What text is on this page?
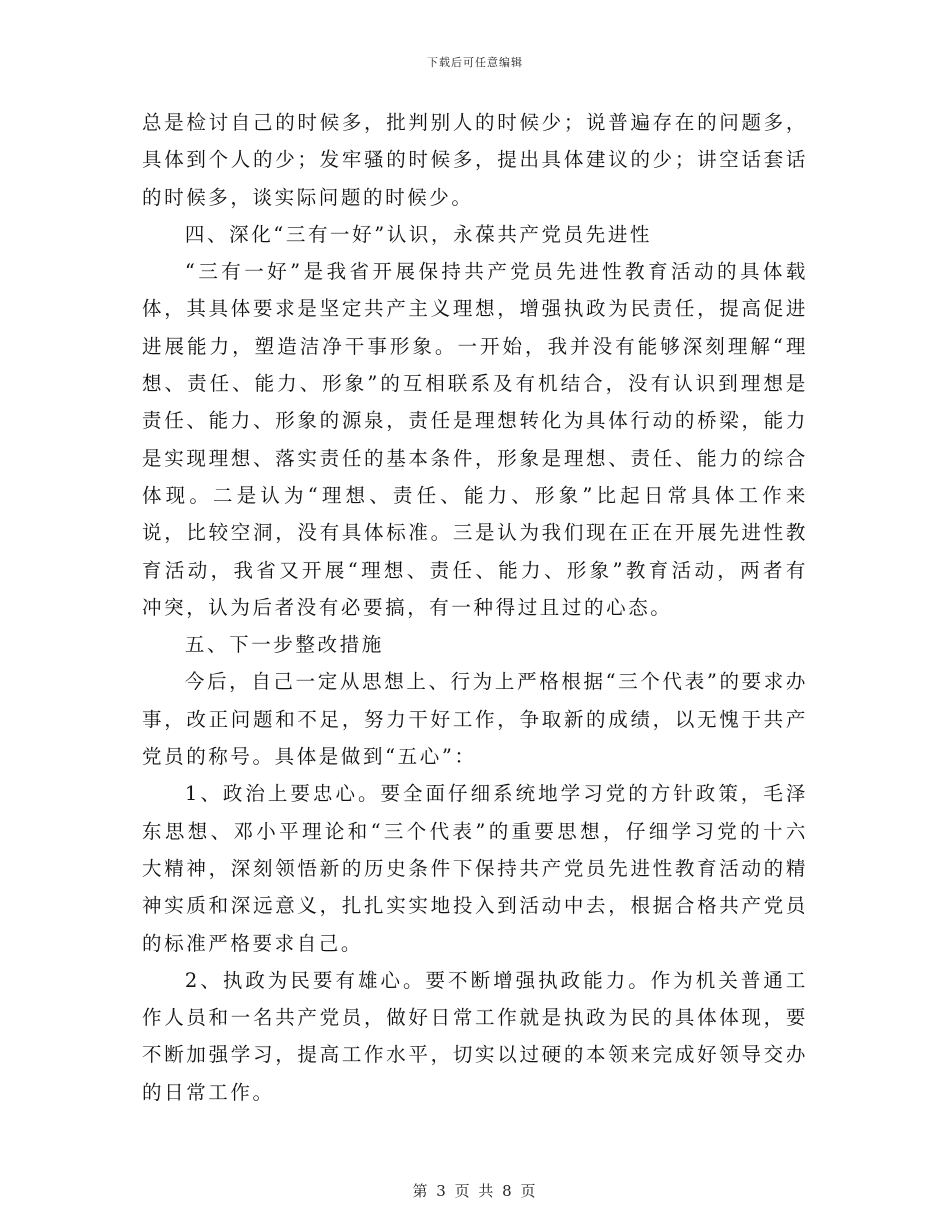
下载后可任意编辑

总是检讨自己的时候多，批判别人的时候少；说普遍存在的问题多，具体到个人的少；发牢骚的时候多，提出具体建议的少；讲空话套话的时候多，谈实际问题的时候少。

四、深化“三有一好”认识，永葆共产党员先进性

“三有一好”是我省开展保持共产党员先进性教育活动的具体载体，其具体要求是坚定共产主义理想，增强执政为民责任，提高促进进展能力，塑造洁净干事形象。一开始，我并没有能够深刻理解“理想、责任、能力、形象”的互相联系及有机结合，没有认识到理想是责任、能力、形象的源泉，责任是理想转化为具体行动的桥梁，能力是实现理想、落实责任的基本条件，形象是理想、责任、能力的综合体现。二是认为“理想、责任、能力、形象”比起日常具体工作来说，比较空洞，没有具体标准。三是认为我们现在正在开展先进性教育活动，我省又开展“理想、责任、能力、形象”教育活动，两者有冲突，认为后者没有必要搞，有一种得过且过的心态。

五、下一步整改措施

今后，自己一定从思想上、行为上严格根据“三个代表”的要求办事，改正问题和不足，努力干好工作，争取新的成绩，以无愧于共产党员的称号。具体是做到“五心”：

1、政治上要忠心。要全面仔细系统地学习党的方针政策，毛泽东思想、邓小平理论和“三个代表”的重要思想，仔细学习党的十六大精神，深刻领悟新的历史条件下保持共产党员先进性教育活动的精神实质和深远意义，扎扎实实地投入到活动中去，根据合格共产党员的标准严格要求自己。

2、执政为民要有雄心。要不断增强执政能力。作为机关普通工作人员和一名共产党员，做好日常工作就是执政为民的具体体现，要不断加强学习，提高工作水平，切实以过硬的本领来完成好领导交办的日常工作。

第 3 页 共 8 页
